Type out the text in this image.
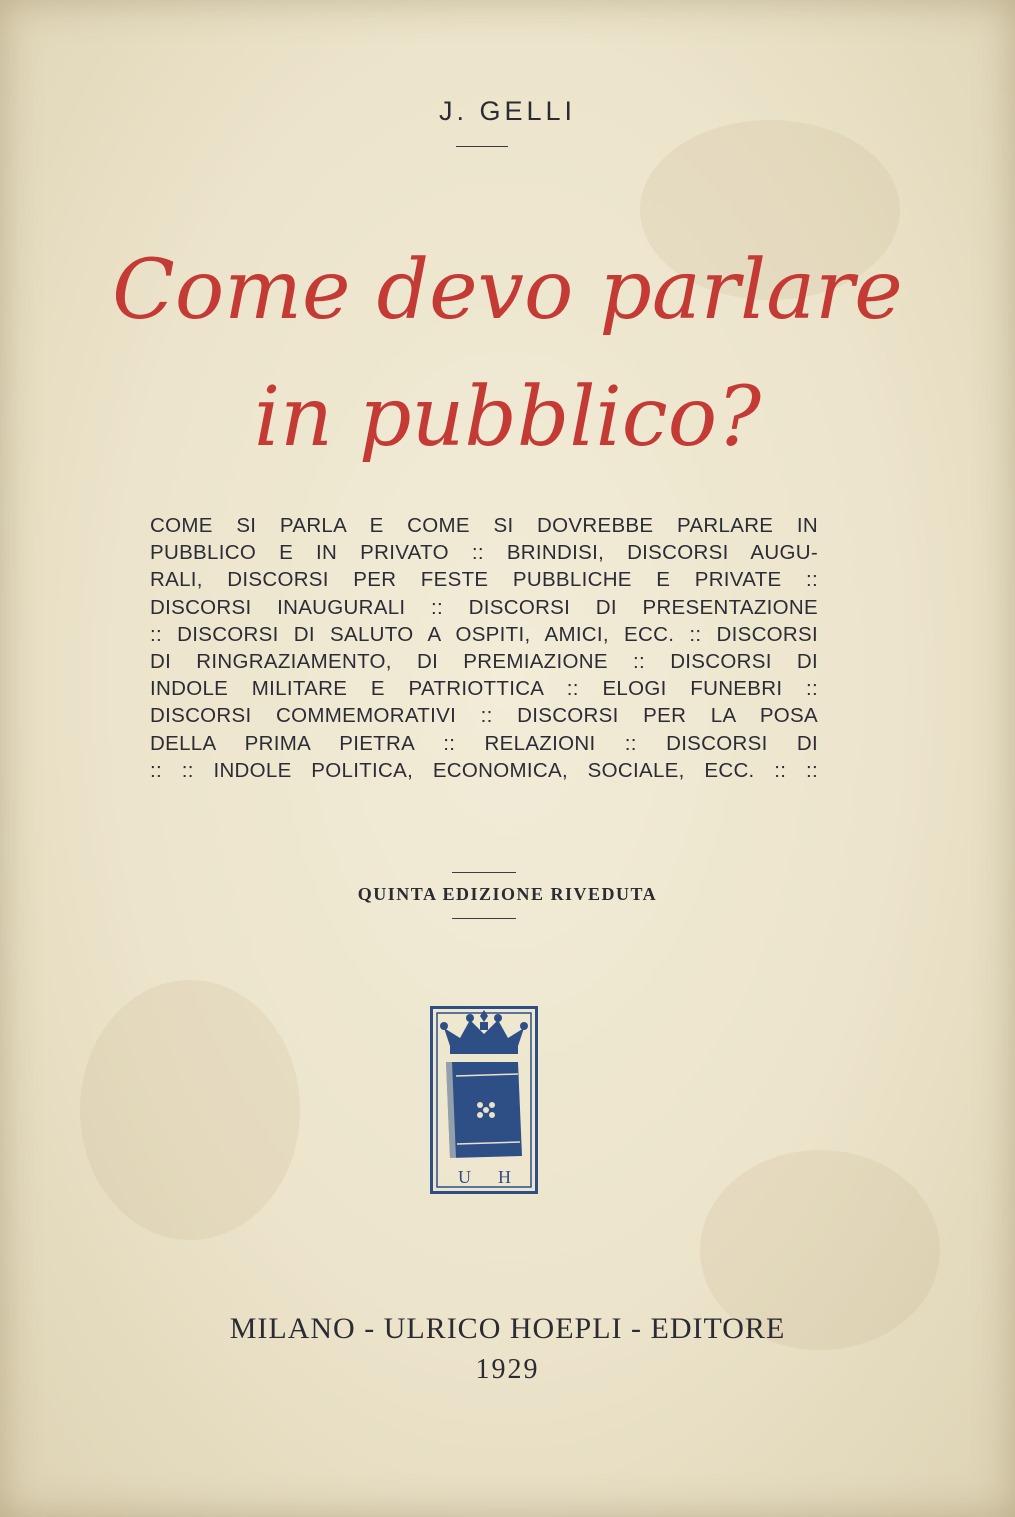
J. GELLI
Come devo parlare
in pubblico?
COME SI PARLA E COME SI DOVREBBE PARLARE IN
PUBBLICO E IN PRIVATO :: BRINDISI, DISCORSI AUGU-
RALI, DISCORSI PER FESTE PUBBLICHE E PRIVATE ::
DISCORSI INAUGURALI :: DISCORSI DI PRESENTAZIONE
:: DISCORSI DI SALUTO A OSPITI, AMICI, ECC. :: DISCORSI
DI RINGRAZIAMENTO, DI PREMIAZIONE :: DISCORSI DI
INDOLE MILITARE E PATRIOTTICA :: ELOGI FUNEBRI ::
DISCORSI COMMEMORATIVI :: DISCORSI PER LA POSA
DELLA PRIMA PIETRA :: RELAZIONI :: DISCORSI DI
:: :: INDOLE POLITICA, ECONOMICA, SOCIALE, ECC. :: ::
QUINTA EDIZIONE RIVEDUTA
U H
MILANO - ULRICO HOEPLI - EDITORE
1929
